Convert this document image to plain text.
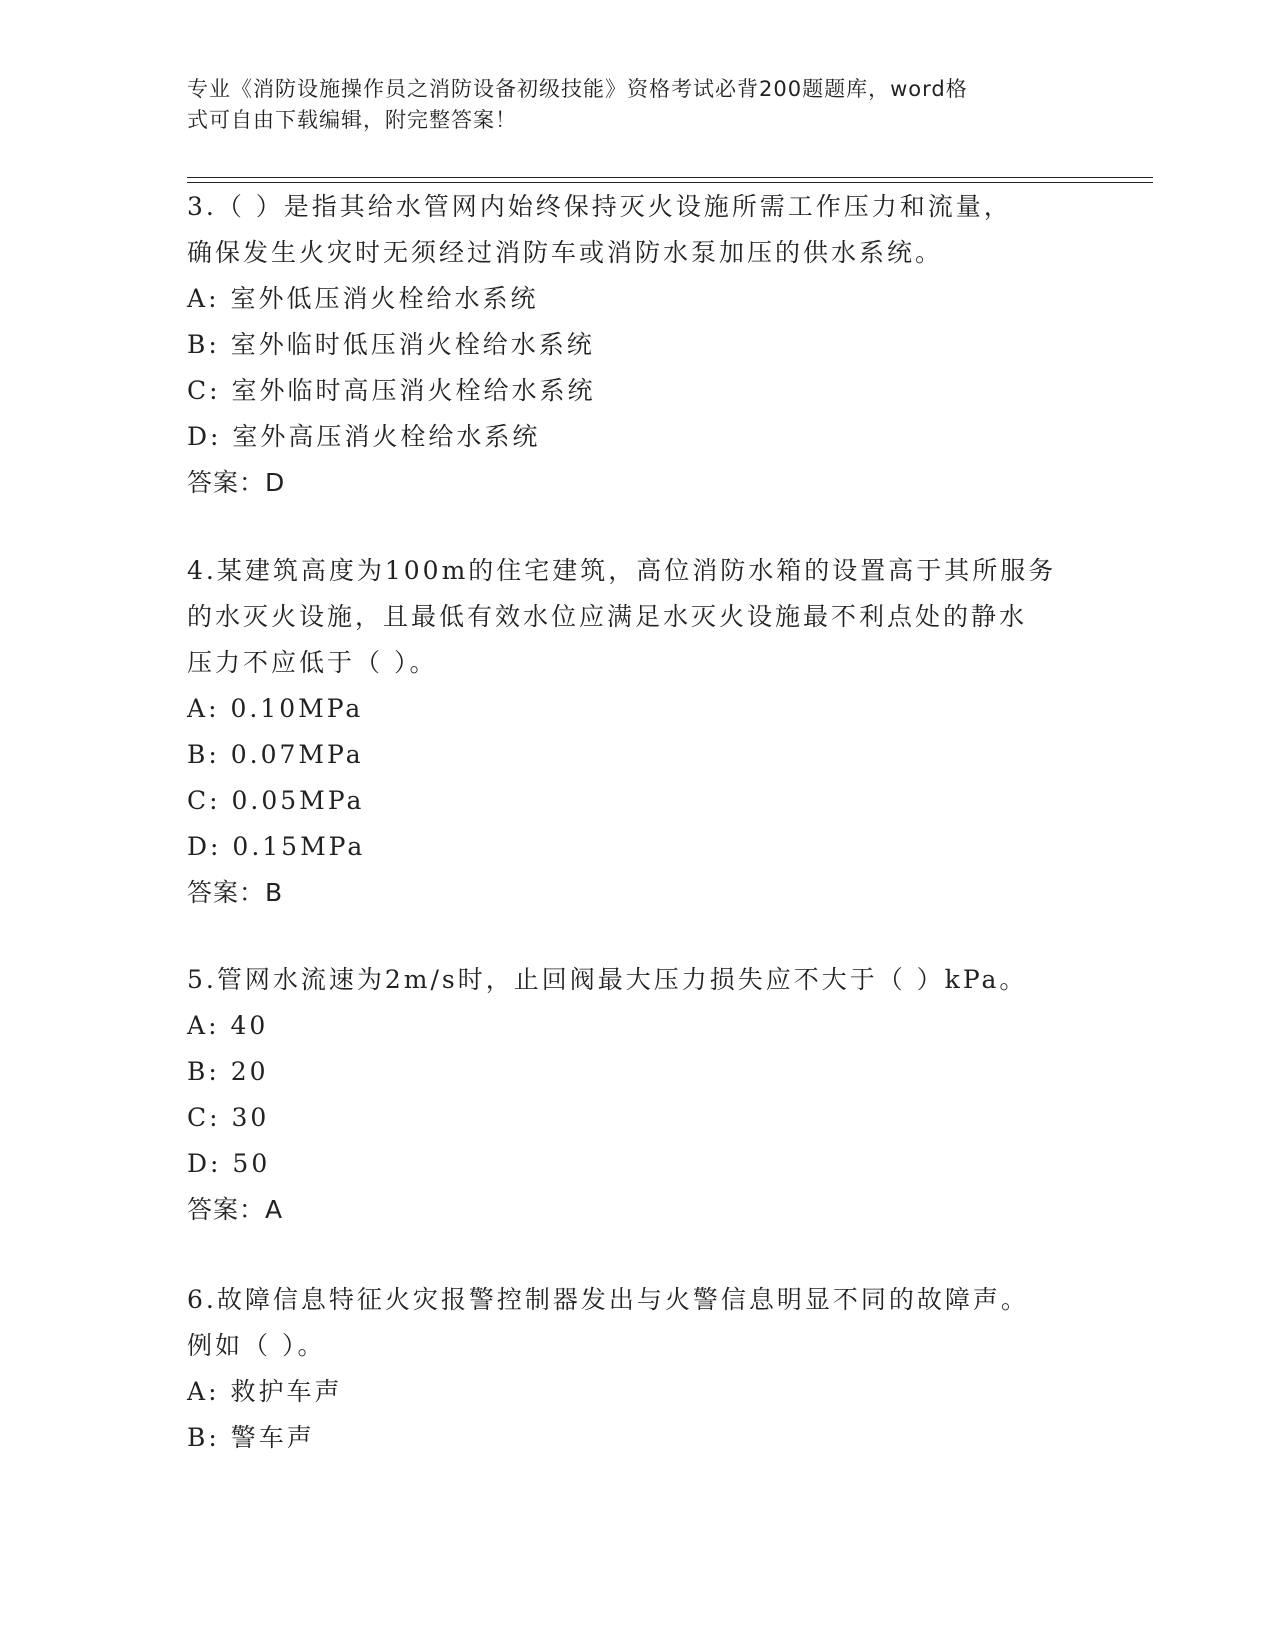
专业《消防设施操作员之消防设备初级技能》资格考试必背200题题库，word格
式可自由下载编辑，附完整答案！
3.（ ）是指其给水管网内始终保持灭火设施所需工作压力和流量，
确保发生火灾时无须经过消防车或消防水泵加压的供水系统。
A: 室外低压消火栓给水系统
B: 室外临时低压消火栓给水系统
C: 室外临时高压消火栓给水系统
D: 室外高压消火栓给水系统
答案：D
4.某建筑高度为100m的住宅建筑，高位消防水箱的设置高于其所服务
的水灭火设施，且最低有效水位应满足水灭火设施最不利点处的静水
压力不应低于（ ）。
A: 0.10MPa
B: 0.07MPa
C: 0.05MPa
D: 0.15MPa
答案：B
5.管网水流速为2m/s时，止回阀最大压力损失应不大于（ ）kPa。
A: 40
B: 20
C: 30
D: 50
答案：A
6.故障信息特征火灾报警控制器发出与火警信息明显不同的故障声。
例如（ ）。
A: 救护车声
B: 警车声
